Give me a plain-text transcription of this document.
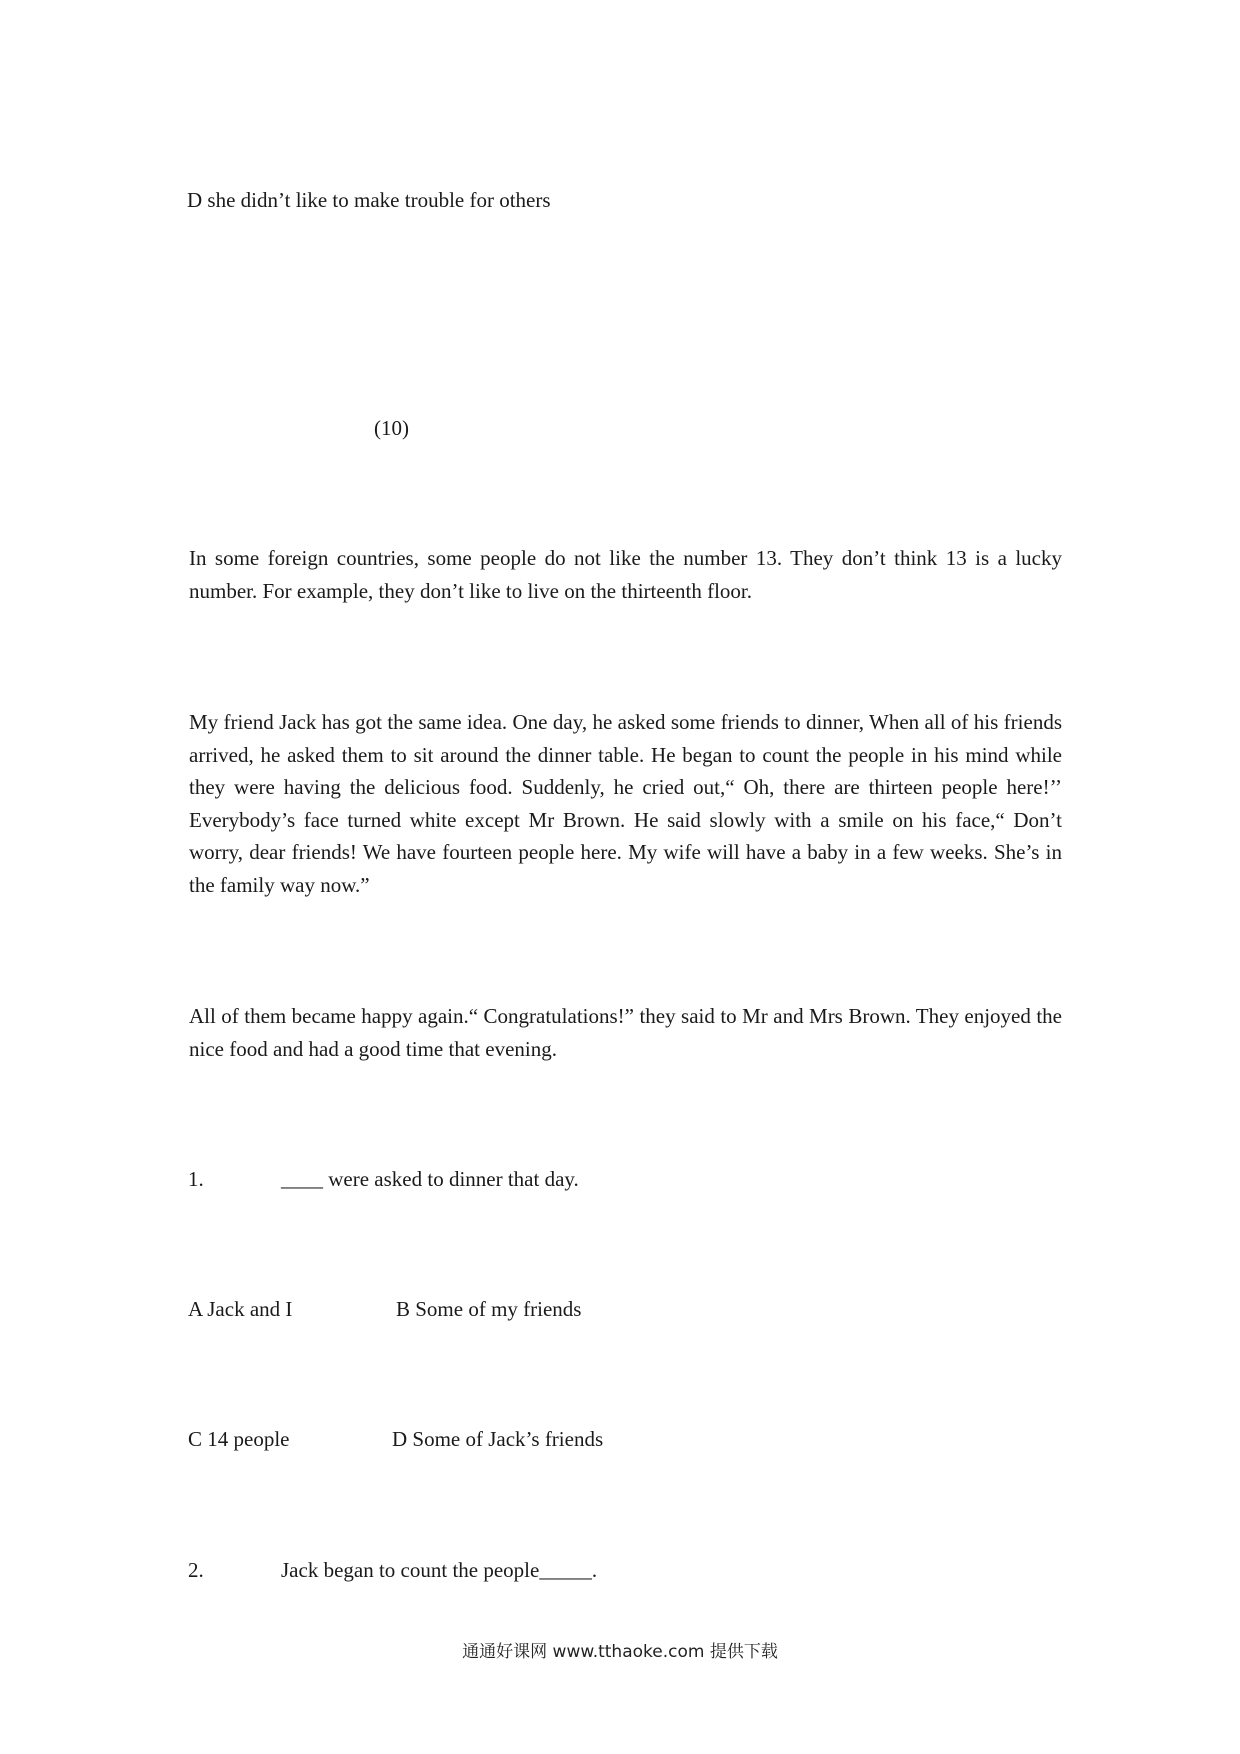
D she didn’t like to make trouble for others
(10)
In some foreign countries, some people do not like the number 13. They don’t think 13 is a lucky number. For example, they don’t like to live on the thirteenth floor.
My friend Jack has got the same idea. One day, he asked some friends to dinner, When all of his friends arrived, he asked them to sit around the dinner table. He began to count the people in his mind while they were having the delicious food. Suddenly, he cried out,“ Oh, there are thirteen people here!’’ Everybody’s face turned white except Mr Brown. He said slowly with a smile on his face,“ Don’t worry, dear friends! We have fourteen people here. My wife will have a baby in a few weeks. She’s in the family way now.”
All of them became happy again.“ Congratulations!” they said to Mr and Mrs Brown. They enjoyed the nice food and had a good time that evening.
1.	____ were asked to dinner that day.
A Jack and I	B Some of my friends
C 14 people	D Some of Jack’s friends
2.	Jack began to count the people_____.
通通好课网 www.tthaoke.com 提供下载
